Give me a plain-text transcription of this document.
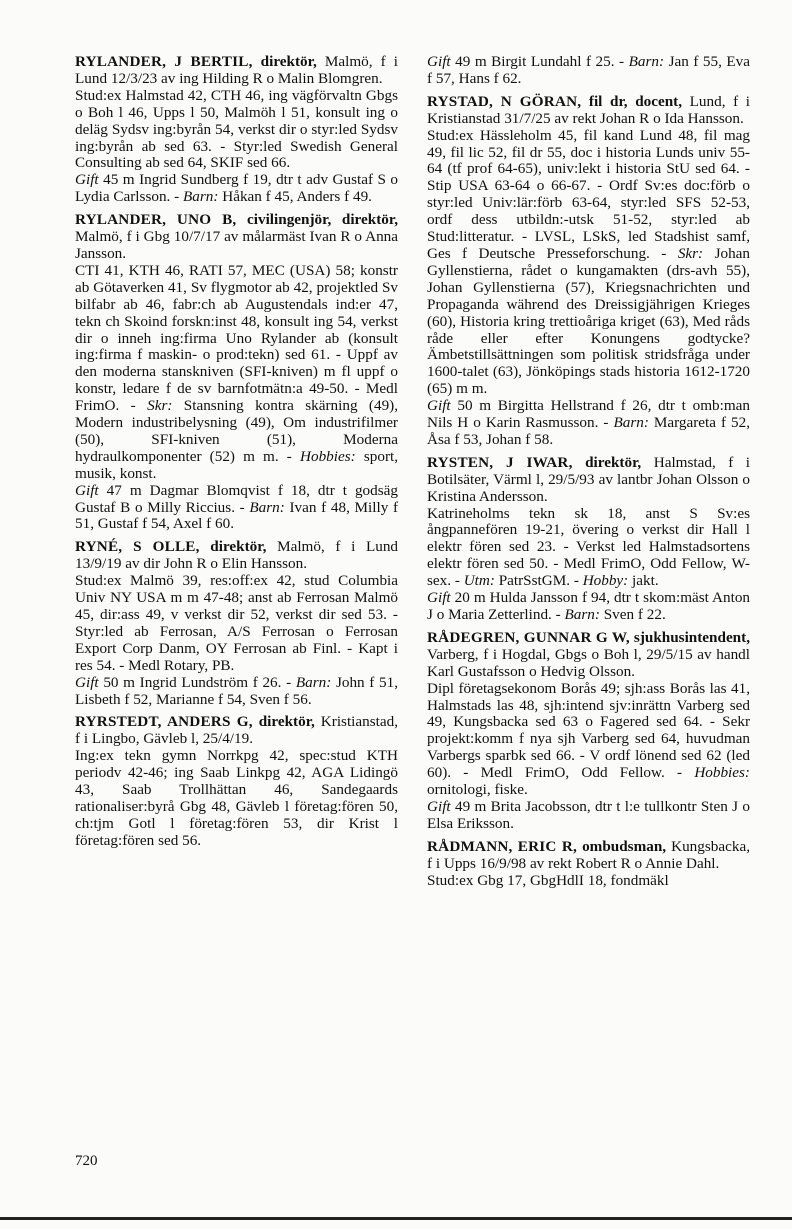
RYLANDER, J BERTIL, direktör, Malmö, f i Lund 12/3/23 av ing Hilding R o Malin Blomgren.

Stud:ex Halmstad 42, CTH 46, ing vägförvaltn Gbgs o Boh l 46, Upps l 50, Malmöh l 51, konsult ing o deläg Sydsv ing:byrån 54, verkst dir o styr:led Sydsv ing:byrån ab sed 63. - Styr:led Swedish General Consulting ab sed 64, SKIF sed 66.

Gift 45 m Ingrid Sundberg f 19, dtr t adv Gustaf S o Lydia Carlsson. - Barn: Håkan f 45, Anders f 49.

RYLANDER, UNO B, civilingenjör, direktör, Malmö, f i Gbg 10/7/17 av målarmäst Ivan R o Anna Jansson.

CTI 41, KTH 46, RATI 57, MEC (USA) 58; konstr ab Götaverken 41, Sv flygmotor ab 42, projektled Sv bilfabr ab 46, fabr:ch ab Augustendals ind:er 47, tekn ch Skoind forskn:inst 48, konsult ing 54, verkst dir o inneh ing:firma Uno Rylander ab (konsult ing:firma f maskin- o prod:tekn) sed 61. - Uppf av den moderna stanskniven (SFI-kniven) m fl uppf o konstr, ledare f de sv barnfotmätn:a 49-50. - Medl FrimO. - Skr: Stansning kontra skärning (49), Modern industribelysning (49), Om industrifilmer (50), SFI-kniven (51), Moderna hydraulkomponenter (52) m m. - Hobbies: sport, musik, konst.

Gift 47 m Dagmar Blomqvist f 18, dtr t godsäg Gustaf B o Milly Riccius. - Barn: Ivan f 48, Milly f 51, Gustaf f 54, Axel f 60.

RYNÉ, S OLLE, direktör, Malmö, f i Lund 13/9/19 av dir John R o Elin Hansson.

Stud:ex Malmö 39, res:off:ex 42, stud Columbia Univ NY USA m m 47-48; anst ab Ferrosan Malmö 45, dir:ass 49, v verkst dir 52, verkst dir sed 53. - Styr:led ab Ferrosan, A/S Ferrosan o Ferrosan Export Corp Danm, OY Ferrosan ab Finl. - Kapt i res 54. - Medl Rotary, PB.

Gift 50 m Ingrid Lundström f 26. - Barn: John f 51, Lisbeth f 52, Marianne f 54, Sven f 56.

RYRSTEDT, ANDERS G, direktör, Kristianstad, f i Lingbo, Gävleb l, 25/4/19.

Ing:ex tekn gymn Norrkpg 42, spec:stud KTH periodv 42-46; ing Saab Linkpg 42, AGA Lidingö 43, Saab Trollhättan 46, Sandegaards rationaliser:byrå Gbg 48, Gävleb l företag:fören 50, ch:tjm Gotl l företag:fören 53, dir Krist l företag:fören sed 56.

Gift 49 m Birgit Lundahl f 25. - Barn: Jan f 55, Eva f 57, Hans f 62.

RYSTAD, N GÖRAN, fil dr, docent, Lund, f i Kristianstad 31/7/25 av rekt Johan R o Ida Hansson.

Stud:ex Hässleholm 45, fil kand Lund 48, fil mag 49, fil lic 52, fil dr 55, doc i historia Lunds univ 55-64 (tf prof 64-65), univ:lekt i historia StU sed 64. - Stip USA 63-64 o 66-67. - Ordf Sv:es doc:förb o styr:led Univ:lär:förb 63-64, styr:led SFS 52-53, ordf dess utbildn:-utsk 51-52, styr:led ab Stud:litteratur. - LVSL, LSkS, led Stadshist samf, Ges f Deutsche Presseforschung. - Skr: Johan Gyllenstierna, rådet o kungamakten (drs-avh 55), Johan Gyllenstierna (57), Kriegsnachrichten und Propaganda während des Dreissigjährigen Krieges (60), Historia kring trettioåriga kriget (63), Med råds råde eller efter Konungens godtycke? Ämbetstillsättningen som politisk stridsfråga under 1600-talet (63), Jönköpings stads historia 1612-1720 (65) m m.

Gift 50 m Birgitta Hellstrand f 26, dtr t omb:man Nils H o Karin Rasmusson. - Barn: Margareta f 52, Åsa f 53, Johan f 58.

RYSTEN, J IWAR, direktör, Halmstad, f i Botilsäter, Värml l, 29/5/93 av lantbr Johan Olsson o Kristina Andersson.

Katrineholms tekn sk 18, anst S Sv:es ångpannefören 19-21, övering o verkst dir Hall l elektr fören sed 23. - Verkst led Halmstadsortens elektr fören sed 50. - Medl FrimO, Odd Fellow, W-sex. - Utm: PatrSstGM. - Hobby: jakt.

Gift 20 m Hulda Jansson f 94, dtr t skom:mäst Anton J o Maria Zetterlind. - Barn: Sven f 22.

RÅDEGREN, GUNNAR G W, sjukhusintendent, Varberg, f i Hogdal, Gbgs o Boh l, 29/5/15 av handl Karl Gustafsson o Hedvig Olsson.

Dipl företagsekonom Borås 49; sjh:ass Borås las 41, Halmstads las 48, sjh:intend sjv:inrättn Varberg sed 49, Kungsbacka sed 63 o Fagered sed 64. - Sekr projekt:komm f nya sjh Varberg sed 64, huvudman Varbergs sparbk sed 66. - V ordf lönend sed 62 (led 60). - Medl FrimO, Odd Fellow. - Hobbies: ornitologi, fiske.

Gift 49 m Brita Jacobsson, dtr t l:e tullkontr Sten J o Elsa Eriksson.

RÅDMANN, ERIC R, ombudsman, Kungsbacka, f i Upps 16/9/98 av rekt Robert R o Annie Dahl.

Stud:ex Gbg 17, GbgHdlI 18, fondmäkl

720
